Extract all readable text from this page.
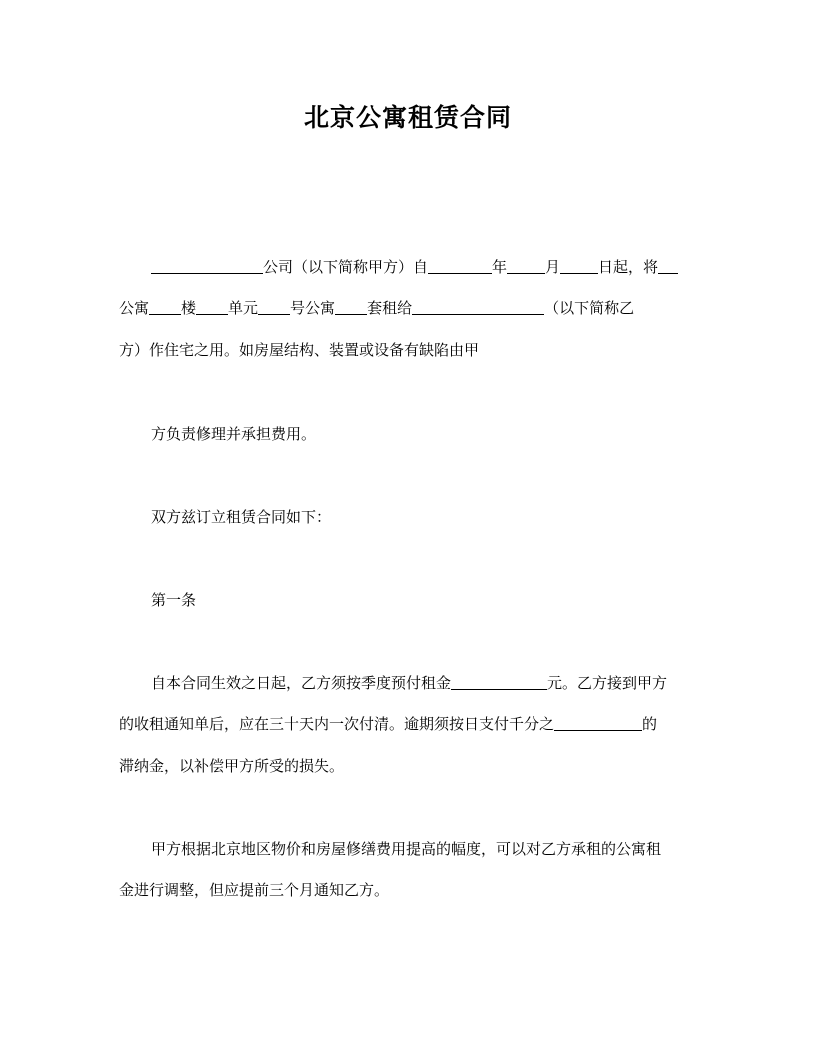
北京公寓租赁合同
公司（以下简称甲方）自	年	月	日起，将
公寓 楼 单元 号公寓 套租给	（以下简称乙
方）作住宅之用。如房屋结构、装置或设备有缺陷由甲
方负责修理并承担费用。
双方兹订立租赁合同如下：
第一条
自本合同生效之日起，乙方须按季度预付租金	元。乙方接到甲方
的收租通知单后，应在三十天内一次付清。逾期须按日支付千分之	的
滞纳金，以补偿甲方所受的损失。
甲方根据北京地区物价和房屋修缮费用提高的幅度，可以对乙方承租的公寓租
金进行调整，但应提前三个月通知乙方。
